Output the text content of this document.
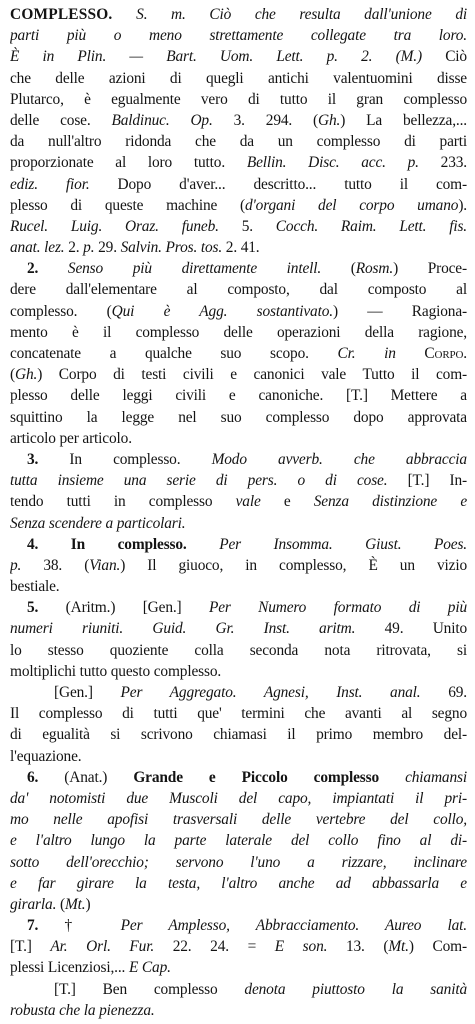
COMPLESSO. S. m. Ciò che resulta dall'unione di
parti più o meno strettamente collegate tra loro.
È in Plin. — Bart. Uom. Lett. p. 2. (M.) Ciò
che delle azioni di quegli antichi valentuomini disse
Plutarco, è egualmente vero di tutto il gran complesso
delle cose. Baldinuc. Op. 3. 294. (Gh.) La bellezza,...
da null'altro ridonda che da un complesso di parti
proporzionate al loro tutto. Bellin. Disc. acc. p. 233.
ediz. fior. Dopo d'aver... descritto... tutto il com-
plesso di queste machine (d'organi del corpo umano).
Rucel. Luig. Oraz. funeb. 5. Cocch. Raim. Lett. fis.
anat. lez. 2. p. 29. Salvin. Pros. tos. 2. 41.
2. Senso più direttamente intell. (Rosm.) Proce-
dere dall'elementare al composto, dal composto al
complesso. (Qui è Agg. sostantivato.) — Ragiona-
mento è il complesso delle operazioni della ragione,
concatenate a qualche suo scopo. Cr. in Corpo.
(Gh.) Corpo di testi civili e canonici vale Tutto il com-
plesso delle leggi civili e canoniche. [T.] Mettere a
squittino la legge nel suo complesso dopo approvata
articolo per articolo.
3. In complesso. Modo avverb. che abbraccia
tutta insieme una serie di pers. o di cose. [T.] In-
tendo tutti in complesso vale e Senza distinzione e
Senza scendere a particolari.
4. In complesso. Per Insomma. Giust. Poes.
p. 38. (Vian.) Il giuoco, in complesso, È un vizio
bestiale.
5. (Aritm.) [Gen.] Per Numero formato di più
numeri riuniti. Guid. Gr. Inst. aritm. 49. Unito
lo stesso quoziente colla seconda nota ritrovata, si
moltiplichi tutto questo complesso.
[Gen.] Per Aggregato. Agnesi, Inst. anal. 69.
Il complesso di tutti que' termini che avanti al segno
di egualità si scrivono chiamasi il primo membro del-
l'equazione.
6. (Anat.) Grande e Piccolo complesso chiamansi
da' notomisti due Muscoli del capo, impiantati il pri-
mo nelle apofisi trasversali delle vertebre del collo,
e l'altro lungo la parte laterale del collo fino al di-
sotto dell'orecchio; servono l'uno a rizzare, inclinare
e far girare la testa, l'altro anche ad abbassarla e
girarla. (Mt.)
7. † Per Amplesso, Abbracciamento. Aureo lat.
[T.] Ar. Orl. Fur. 22. 24. = E son. 13. (Mt.) Com-
plessi Licenziosi,... E Cap.
[T.] Ben complesso denota piuttosto la sanità
robusta che la pienezza.
